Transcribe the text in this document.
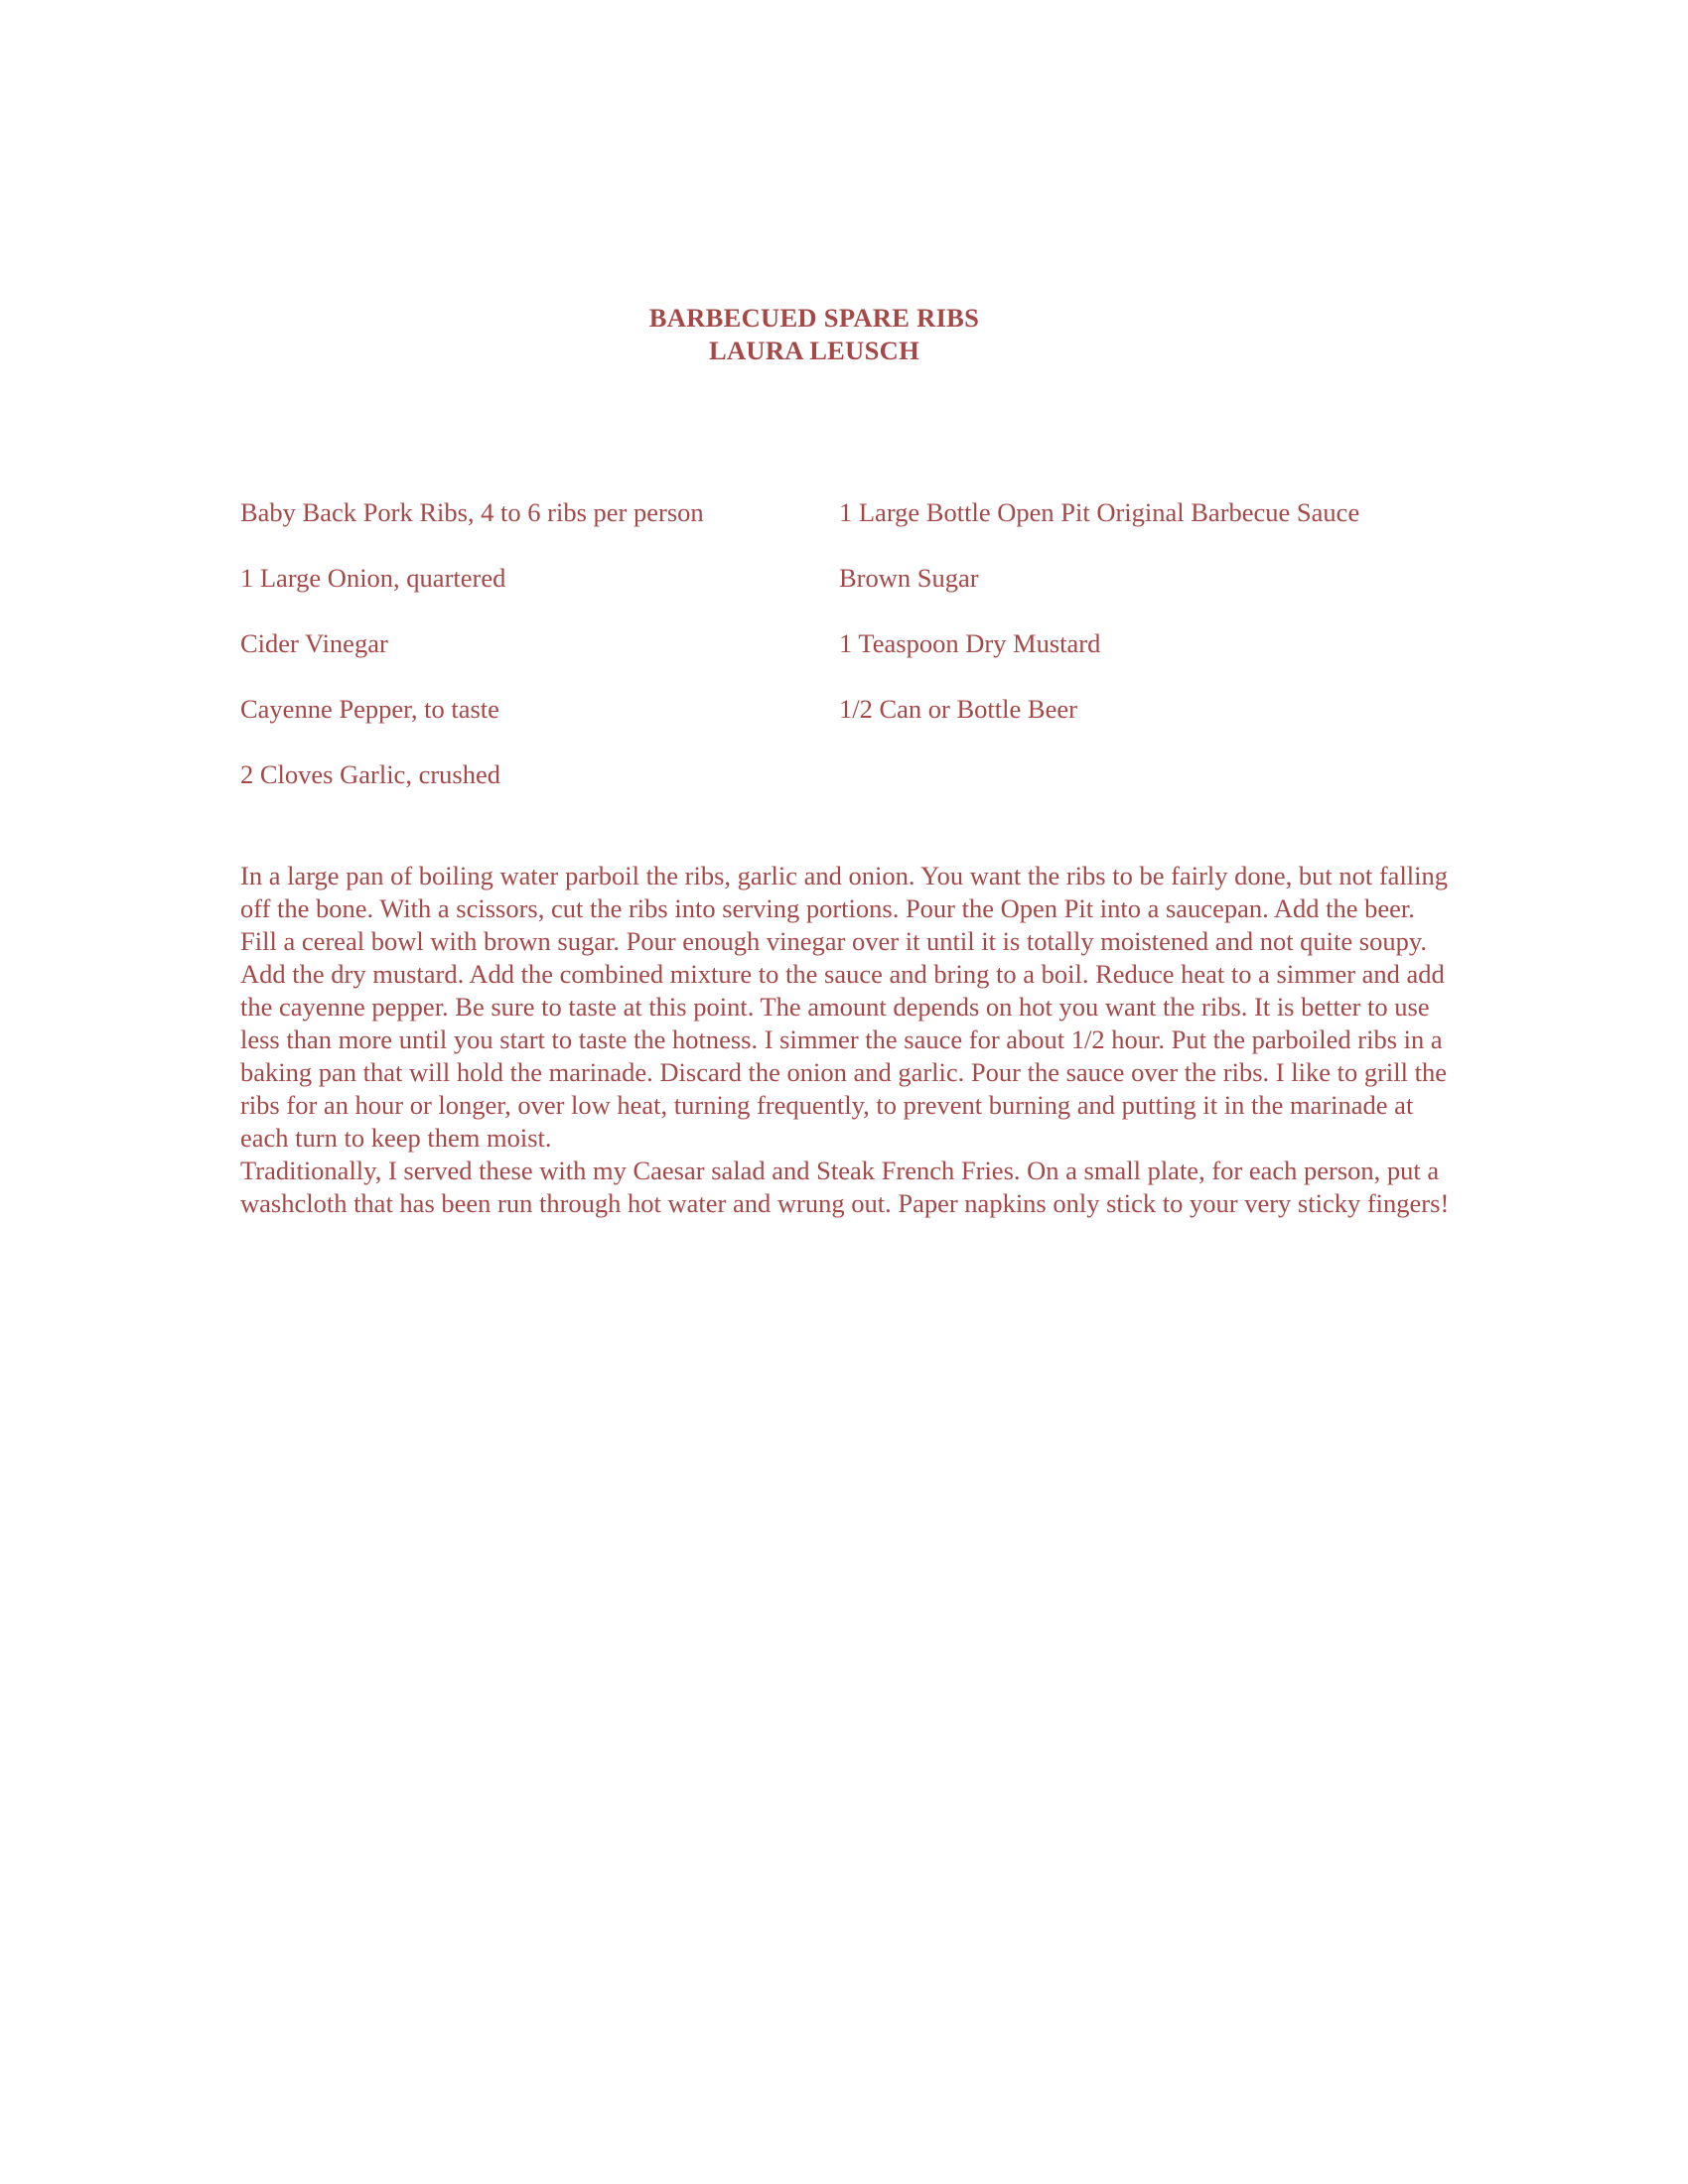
BARBECUED SPARE RIBS
LAURA LEUSCH
Baby Back Pork Ribs, 4 to 6 ribs per person
1 Large Onion, quartered
Cider Vinegar
Cayenne Pepper, to taste
2 Cloves Garlic, crushed
1 Large Bottle Open Pit Original Barbecue Sauce
Brown Sugar
1 Teaspoon Dry Mustard
1/2 Can or Bottle Beer

In a large pan of boiling water parboil the ribs, garlic and onion. You want the ribs to be fairly done, but not falling off the bone. With a scissors, cut the ribs into serving portions. Pour the Open Pit into a saucepan. Add the beer. Fill a cereal bowl with brown sugar. Pour enough vinegar over it until it is totally moistened and not quite soupy. Add the dry mustard. Add the combined mixture to the sauce and bring to a boil. Reduce heat to a simmer and add the cayenne pepper. Be sure to taste at this point. The amount depends on hot you want the ribs. It is better to use less than more until you start to taste the hotness. I simmer the sauce for about 1/2 hour. Put the parboiled ribs in a baking pan that will hold the marinade. Discard the onion and garlic. Pour the sauce over the ribs. I like to grill the ribs for an hour or longer, over low heat, turning frequently, to prevent burning and putting it in the marinade at each turn to keep them moist.

Traditionally, I served these with my Caesar salad and Steak French Fries. On a small plate, for each person, put a washcloth that has been run through hot water and wrung out. Paper napkins only stick to your very sticky fingers!
